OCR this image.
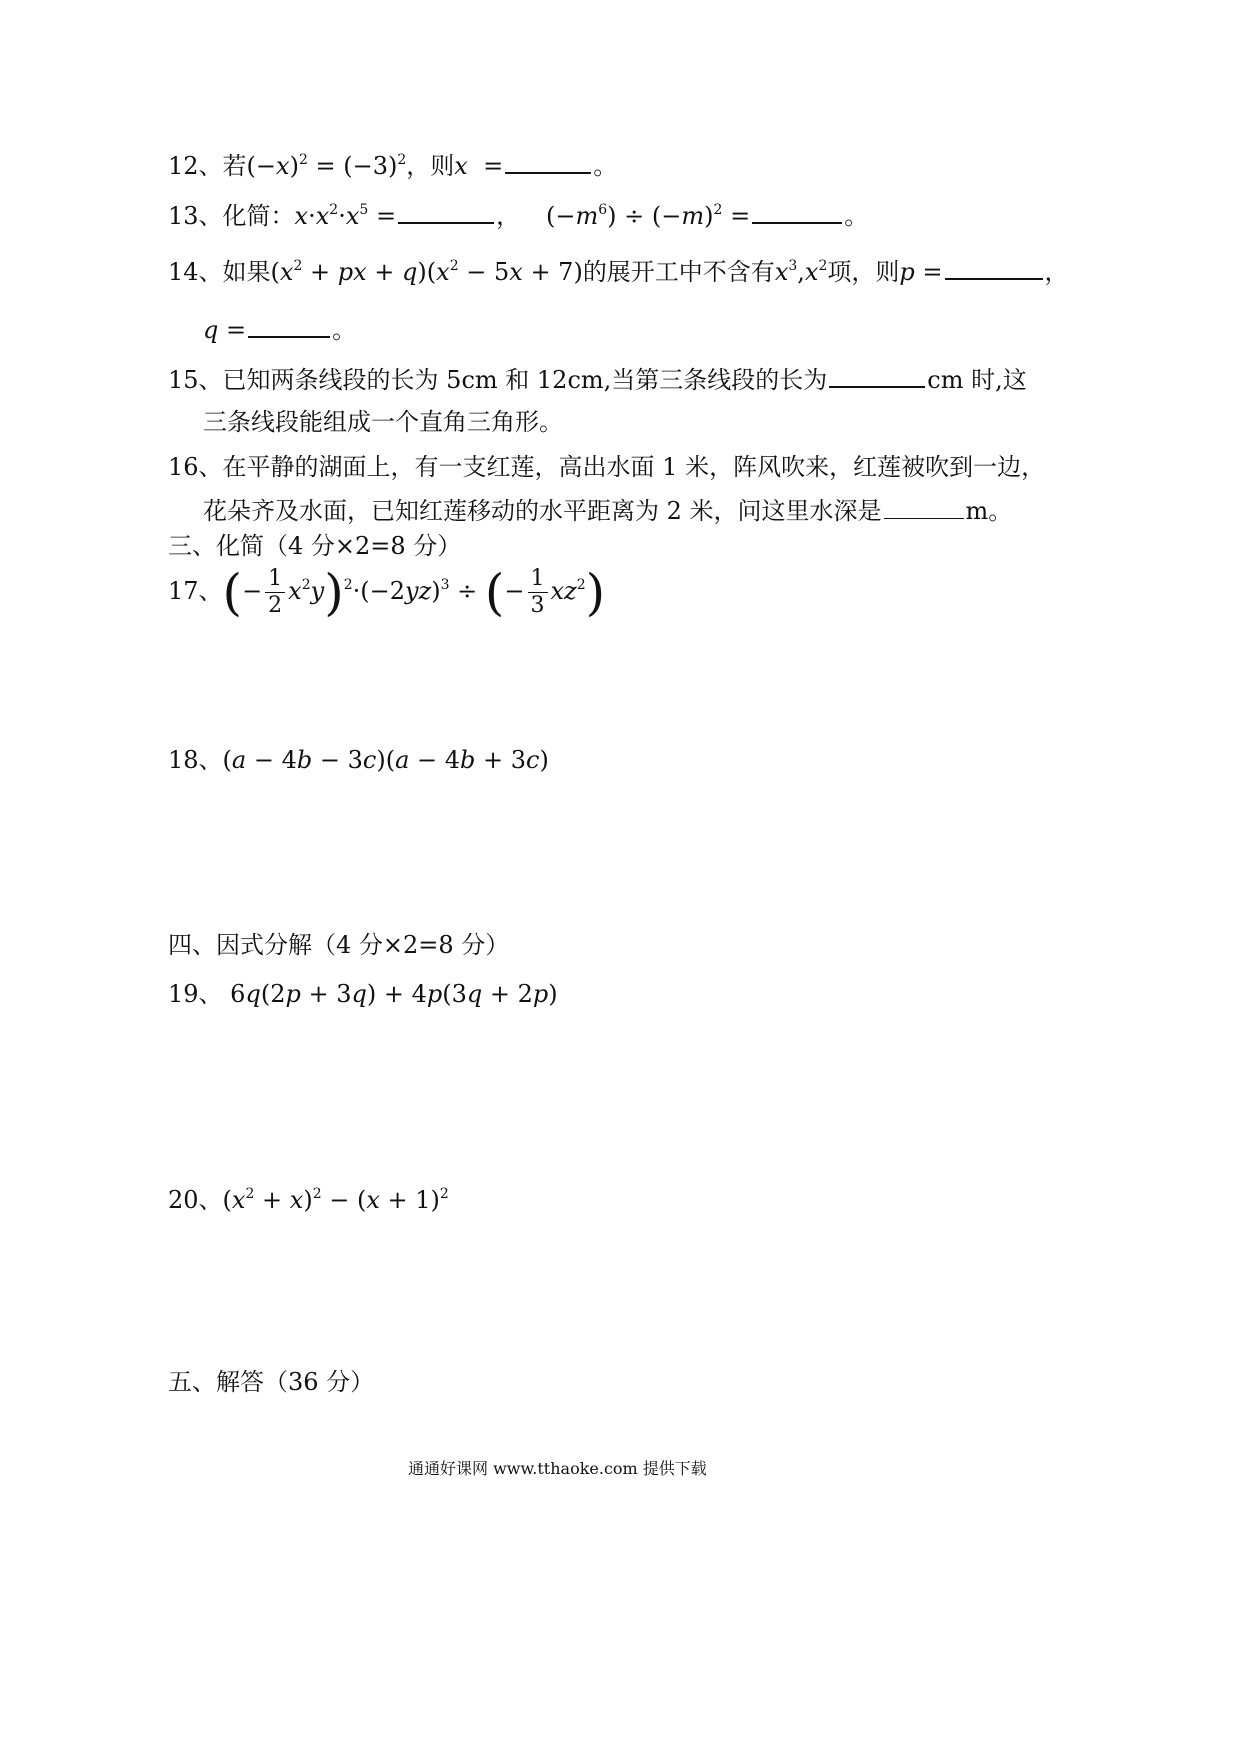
12、若$(-x)^2 = (-3)^2$，则x  =	。
13、化简：$x\cdot x^2\cdot x^5$ =	， $(-m^6) \div (-m)^2$ =	。
14、如果($x^2$ + px + $q)(x^2 - 5x + 7)$的展开工中不含有$x^3,x^2$项，则p =	，
q =	。
15、已知两条线段的长为 5cm 和 12cm,当第三条线段的长为	cm 时,这
三条线段能组成一个直角三角形。
16、在平静的湖面上，有一支红莲，高出水面 1 米，阵风吹来，红莲被吹到一边，
花朵齐及水面，已知红莲移动的水平距离为 2 米，问这里水深是	m。
三、化简（4 分×2=8 分）
17、(− $\frac{1}{2} x^2y)^2\cdot(-2yz)^3$ ÷ (− $\frac{1}{3} xz^2$)
18、(a − 4b − 3c)(a − 4b + 3c)
四、因式分解（4 分×2=8 分）
19、 6q(2p + 3q) + 4p(3q + 2p)
20、$(x^2 + x)^2 - (x + 1)^2$
五、解答（36 分）
通通好课网 www.tthaoke.com 提供下载
